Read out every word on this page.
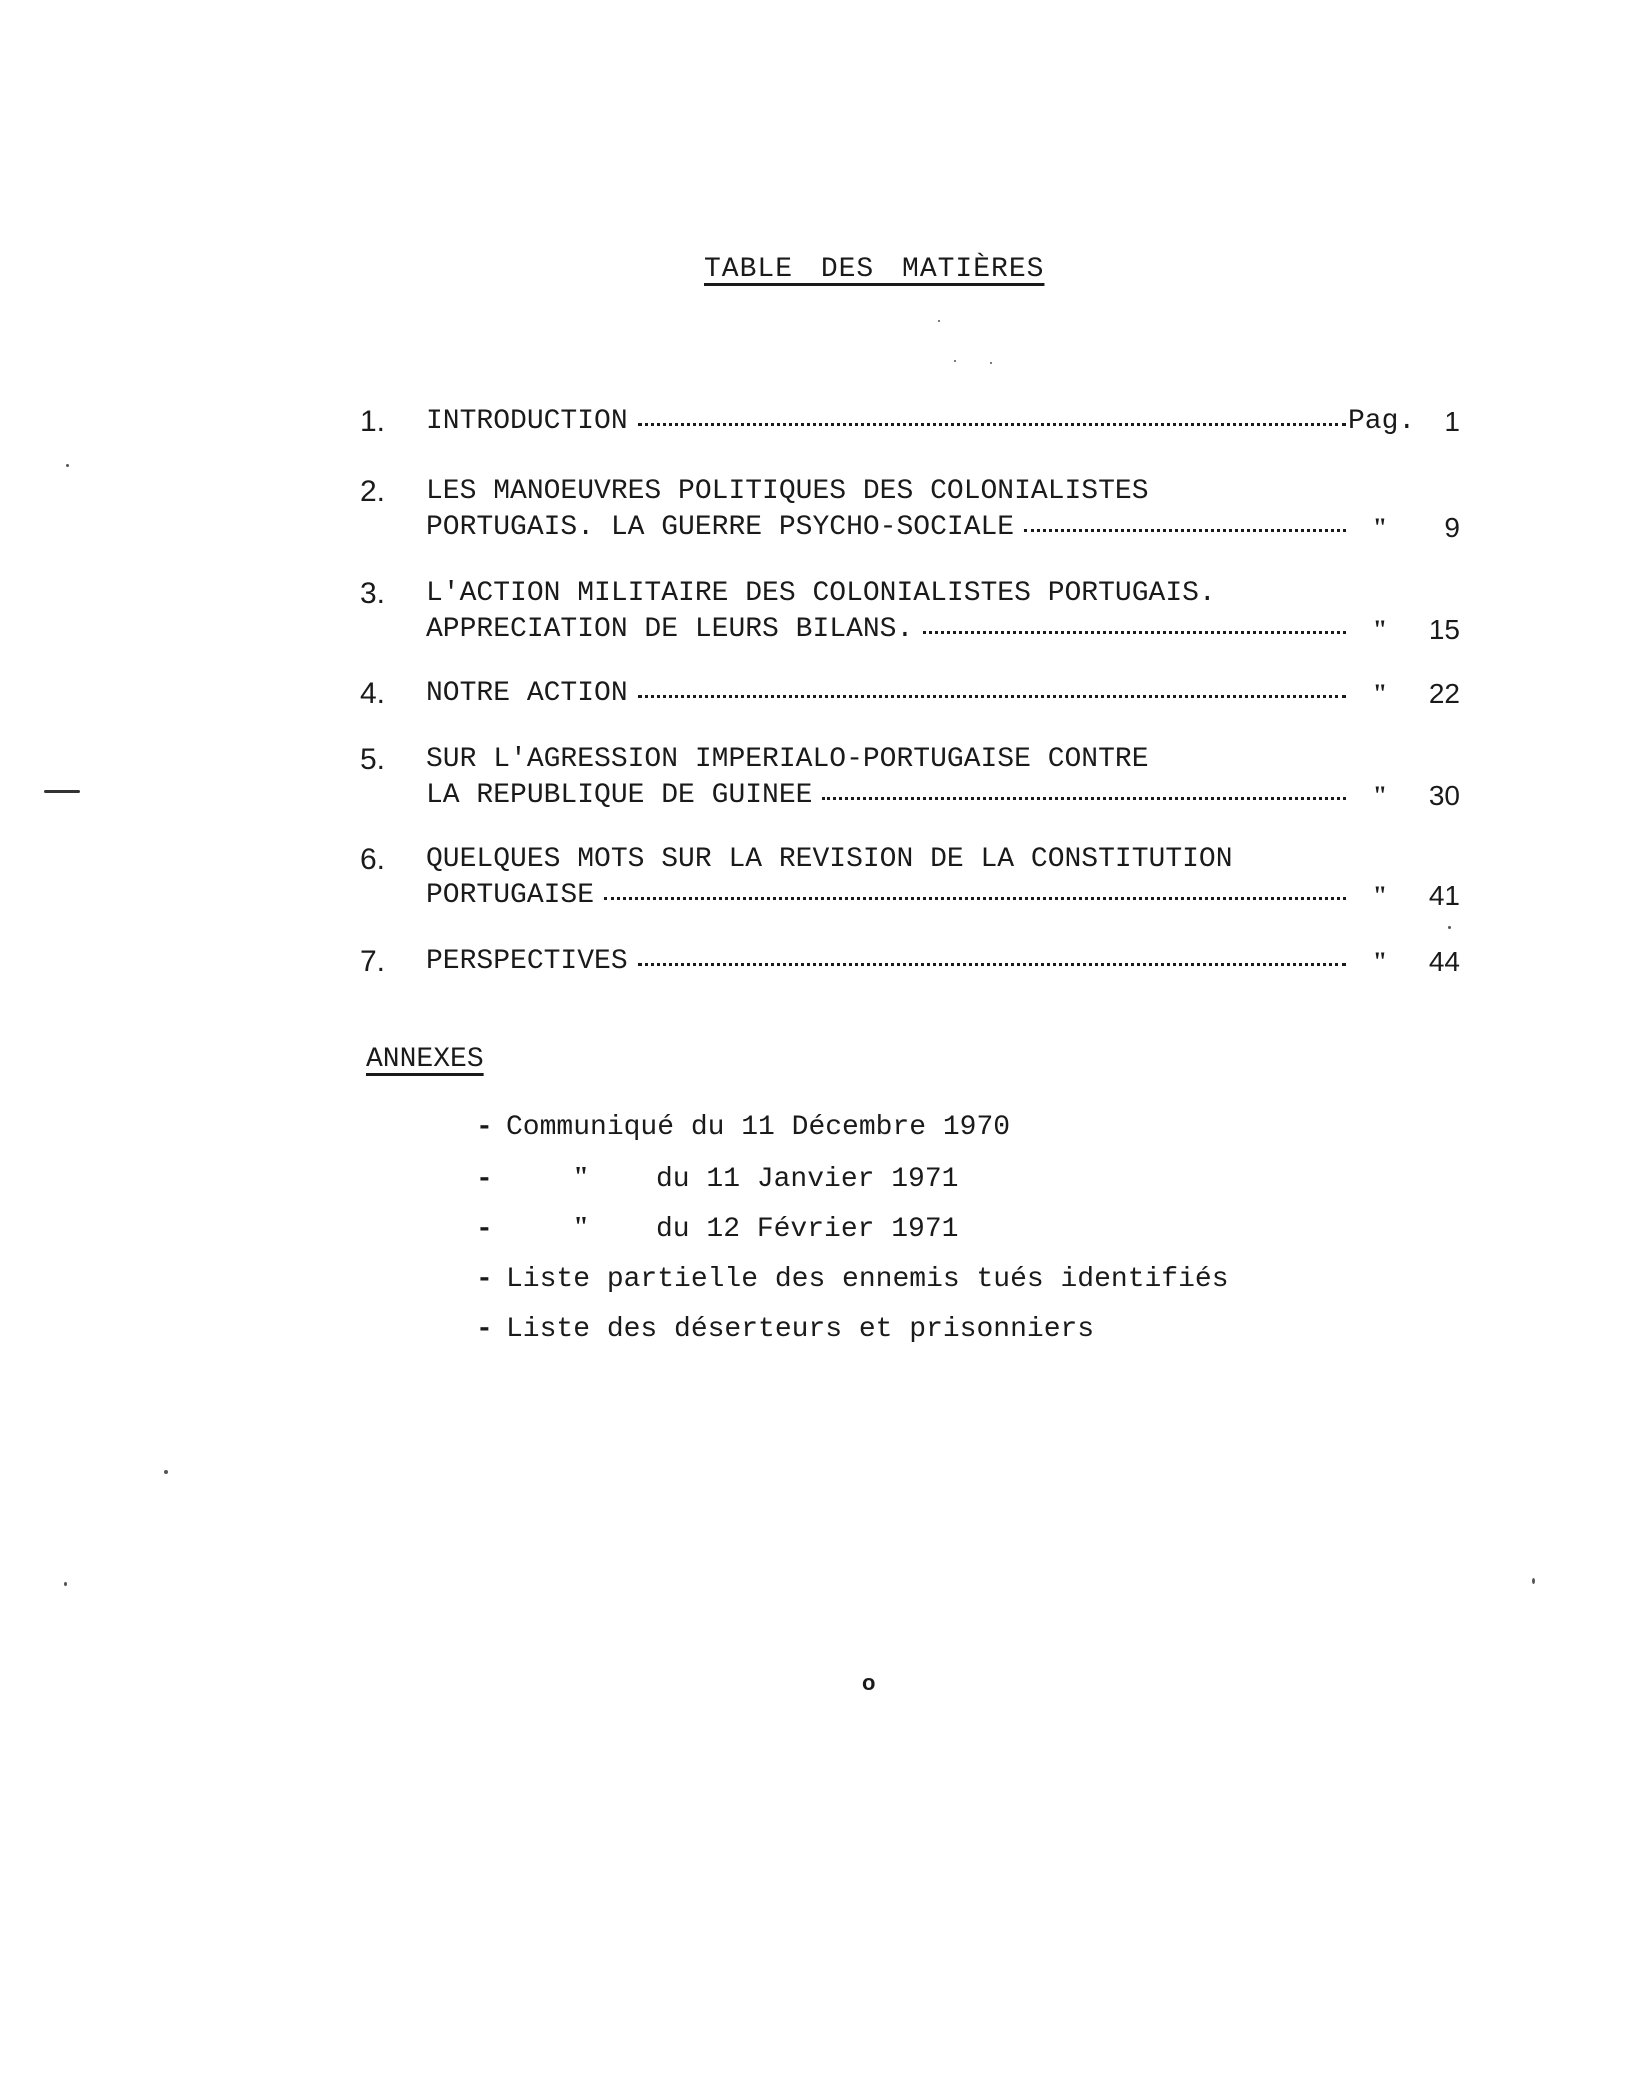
TABLE DES MATIÈRES
1.	INTRODUCTION	Pag.	1
2.	LES MANOEUVRES POLITIQUES DES COLONIALISTES
PORTUGAIS. LA GUERRE PSYCHO-SOCIALE	"	9
3.	L'ACTION MILITAIRE DES COLONIALISTES PORTUGAIS.
APPRECIATION DE LEURS BILANS.	"	15
4.	NOTRE ACTION	"	22
5.	SUR L'AGRESSION IMPERIALO-PORTUGAISE CONTRE
LA REPUBLIQUE DE GUINEE	"	30
6.	QUELQUES MOTS SUR LA REVISION DE LA CONSTITUTION
PORTUGAISE	"	41
7.	PERSPECTIVES	"	44
ANNEXES
- Communiqué du 11 Décembre 1970
-	" du 11 Janvier 1971
-	" du 12 Février 1971
- Liste partielle des ennemis tués identifiés
- Liste des déserteurs et prisonniers
o
